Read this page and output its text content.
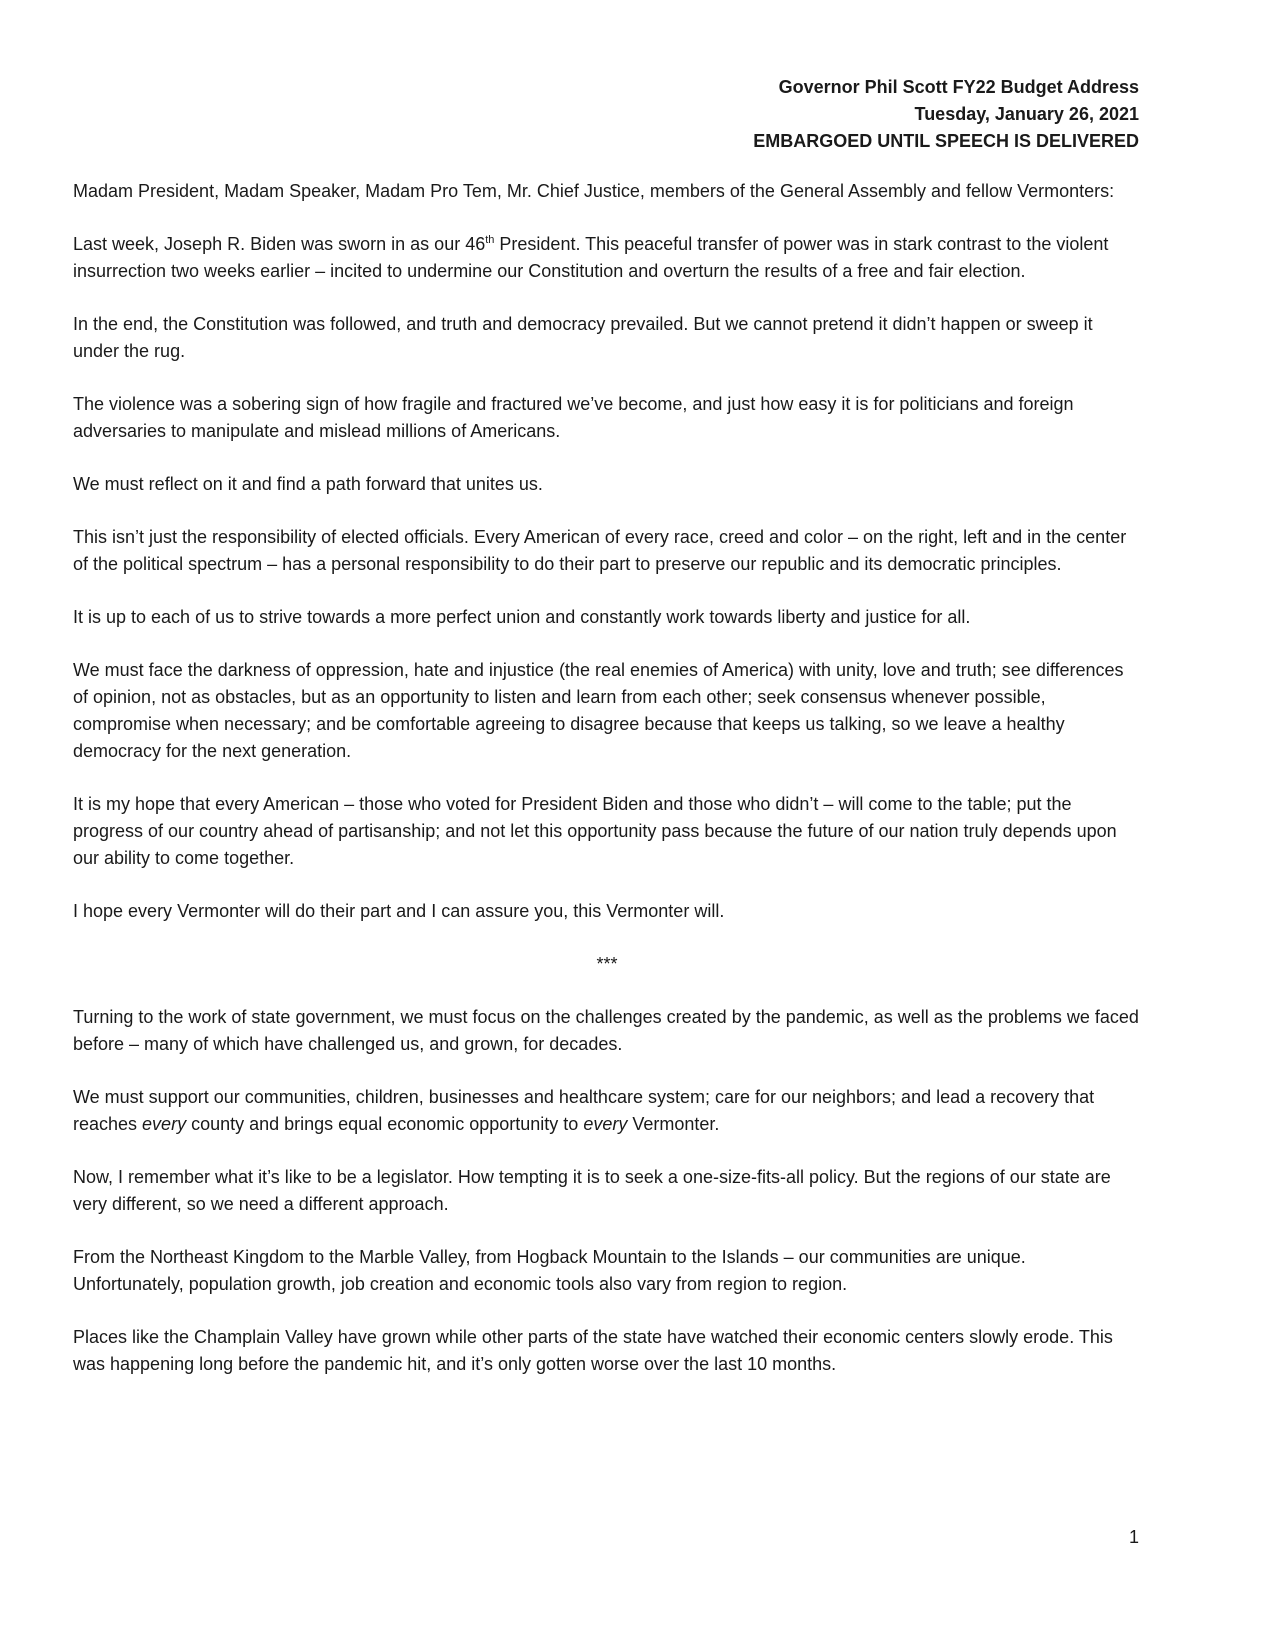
Governor Phil Scott FY22 Budget Address
Tuesday, January 26, 2021
EMBARGOED UNTIL SPEECH IS DELIVERED

Madam President, Madam Speaker, Madam Pro Tem, Mr. Chief Justice, members of the General Assembly and fellow Vermonters:

Last week, Joseph R. Biden was sworn in as our 46th President. This peaceful transfer of power was in stark contrast to the violent insurrection two weeks earlier – incited to undermine our Constitution and overturn the results of a free and fair election.

In the end, the Constitution was followed, and truth and democracy prevailed. But we cannot pretend it didn’t happen or sweep it under the rug.

The violence was a sobering sign of how fragile and fractured we’ve become, and just how easy it is for politicians and foreign adversaries to manipulate and mislead millions of Americans.

We must reflect on it and find a path forward that unites us.

This isn’t just the responsibility of elected officials. Every American of every race, creed and color – on the right, left and in the center of the political spectrum – has a personal responsibility to do their part to preserve our republic and its democratic principles.

It is up to each of us to strive towards a more perfect union and constantly work towards liberty and justice for all.

We must face the darkness of oppression, hate and injustice (the real enemies of America) with unity, love and truth; see differences of opinion, not as obstacles, but as an opportunity to listen and learn from each other; seek consensus whenever possible, compromise when necessary; and be comfortable agreeing to disagree because that keeps us talking, so we leave a healthy democracy for the next generation.

It is my hope that every American – those who voted for President Biden and those who didn’t – will come to the table; put the progress of our country ahead of partisanship; and not let this opportunity pass because the future of our nation truly depends upon our ability to come together.

I hope every Vermonter will do their part and I can assure you, this Vermonter will.

***

Turning to the work of state government, we must focus on the challenges created by the pandemic, as well as the problems we faced before – many of which have challenged us, and grown, for decades.

We must support our communities, children, businesses and healthcare system; care for our neighbors; and lead a recovery that reaches every county and brings equal economic opportunity to every Vermonter.

Now, I remember what it’s like to be a legislator. How tempting it is to seek a one-size-fits-all policy. But the regions of our state are very different, so we need a different approach.

From the Northeast Kingdom to the Marble Valley, from Hogback Mountain to the Islands – our communities are unique. Unfortunately, population growth, job creation and economic tools also vary from region to region.

Places like the Champlain Valley have grown while other parts of the state have watched their economic centers slowly erode. This was happening long before the pandemic hit, and it’s only gotten worse over the last 10 months.

1
